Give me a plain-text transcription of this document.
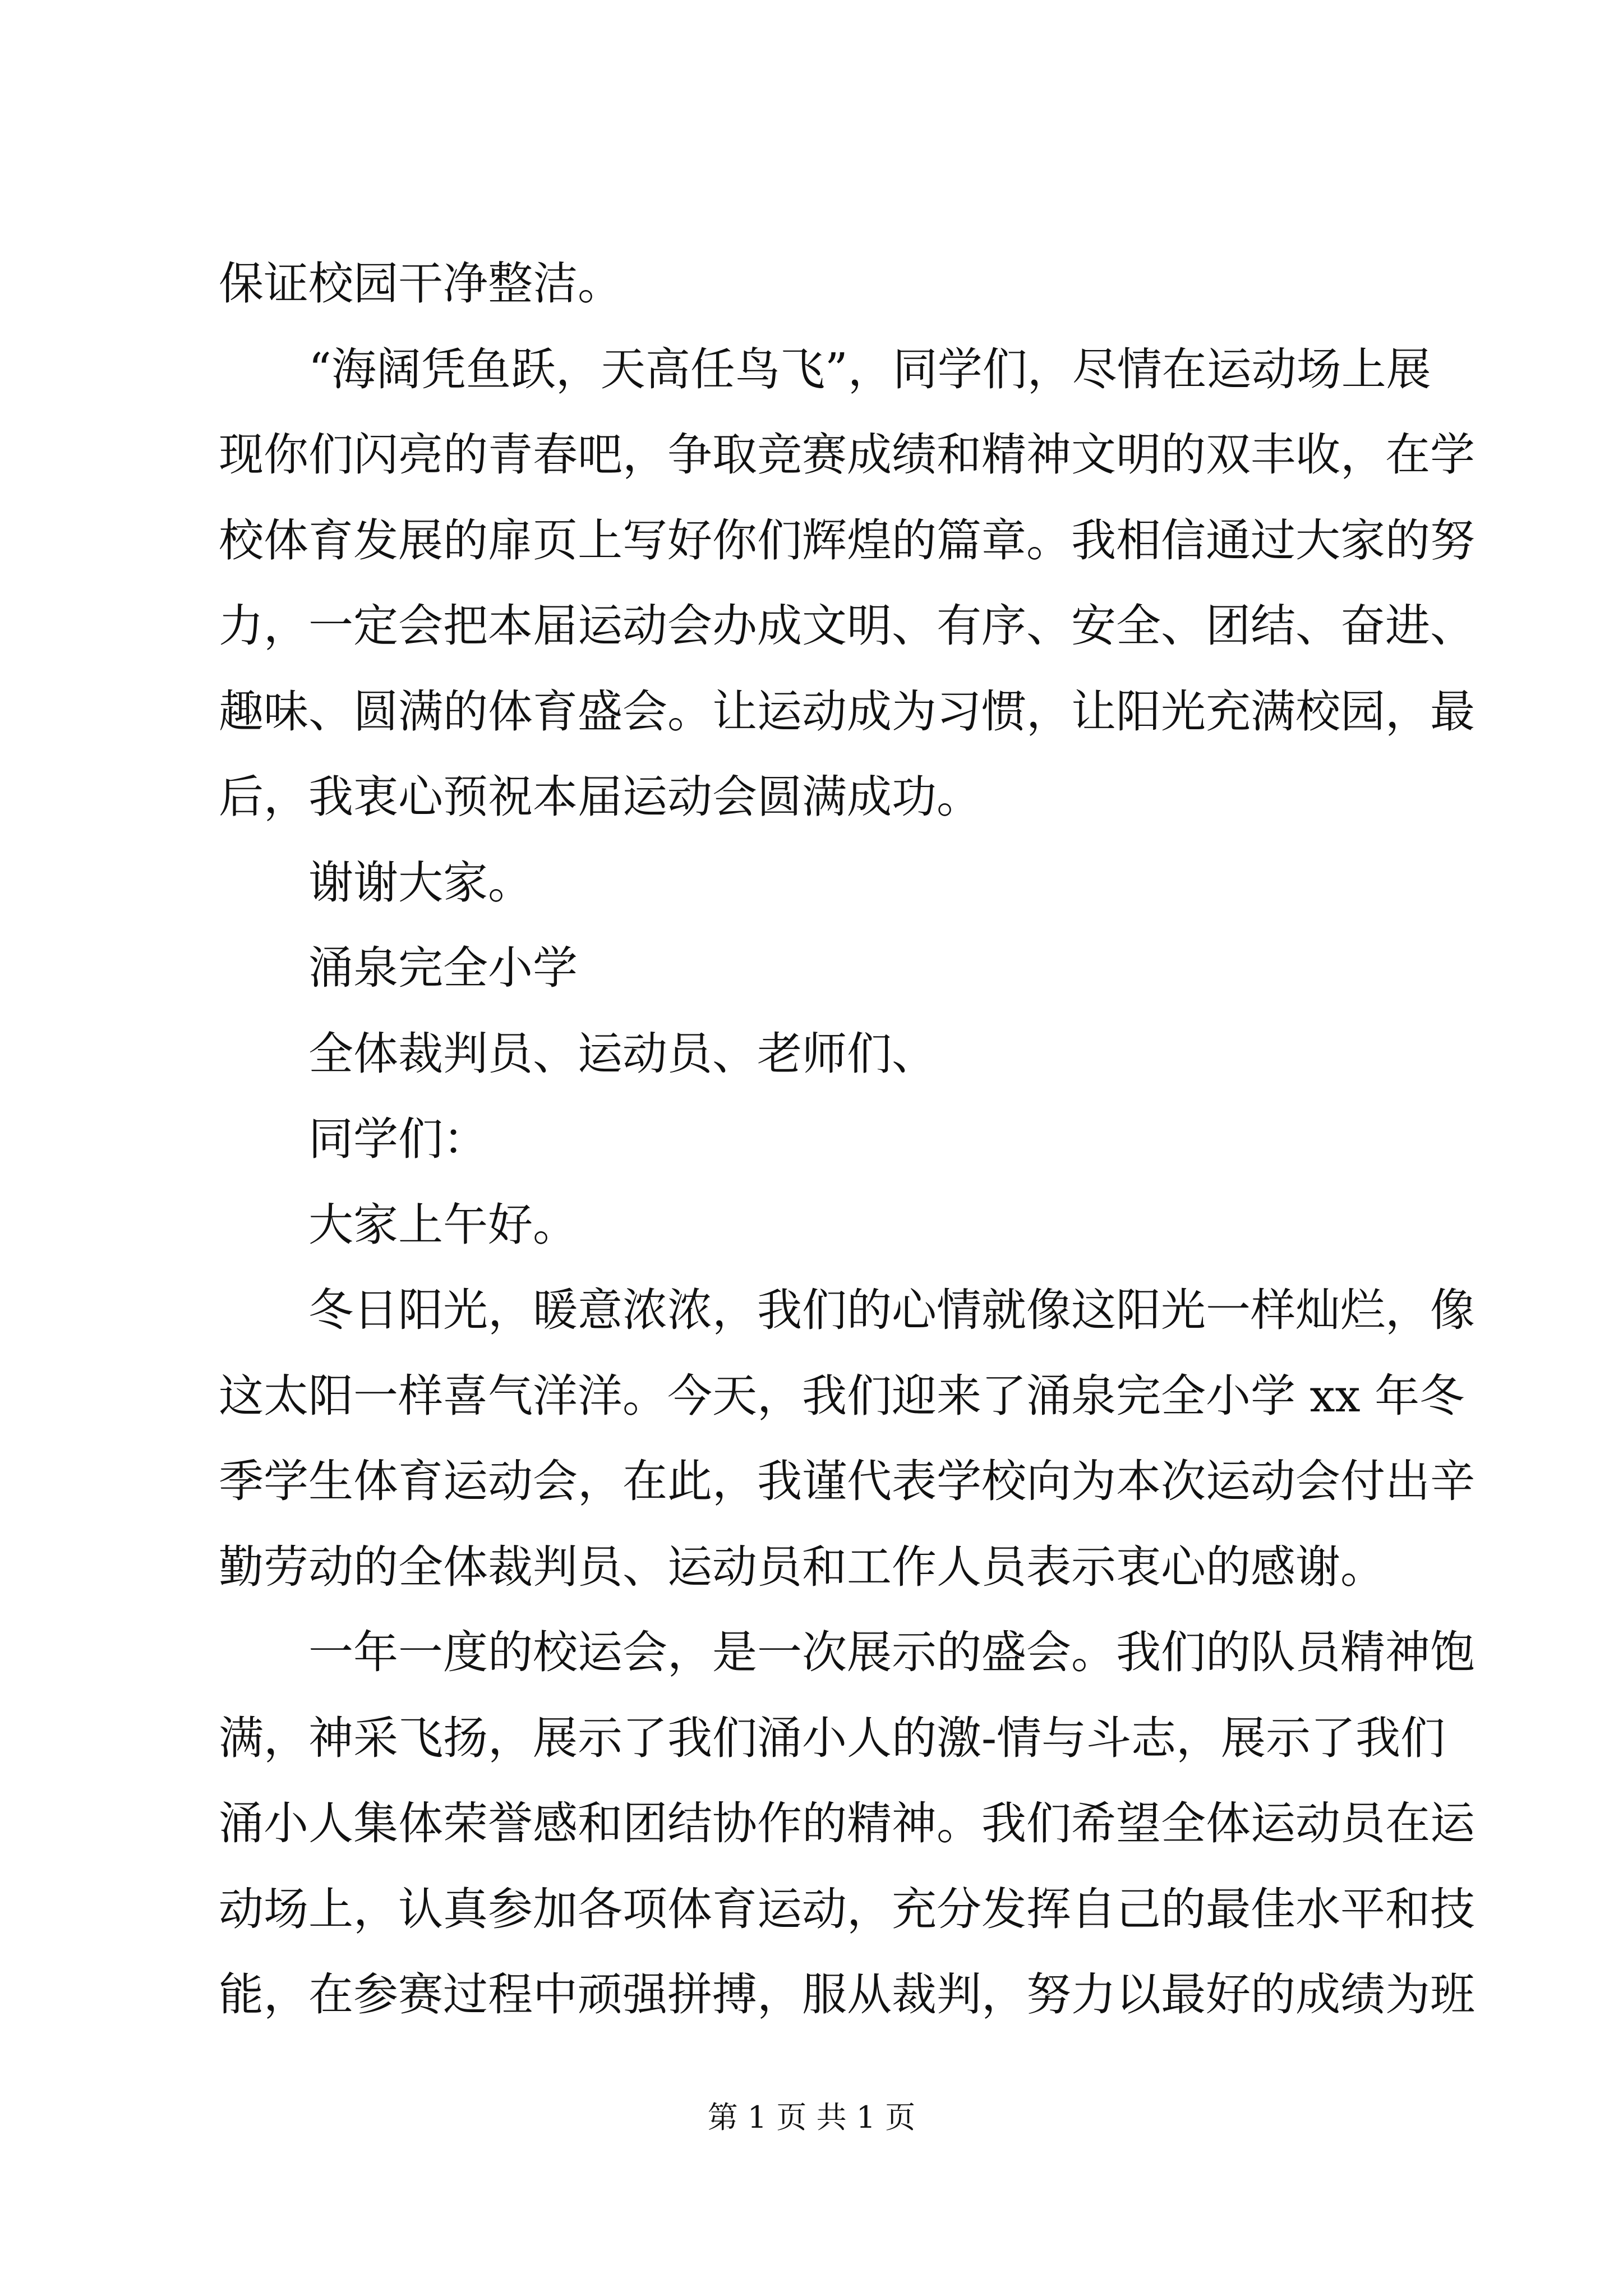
保证校园干净整洁。
“海阔凭鱼跃，天高任鸟飞”，同学们，尽情在运动场上展
现你们闪亮的青春吧，争取竞赛成绩和精神文明的双丰收，在学
校体育发展的扉页上写好你们辉煌的篇章。我相信通过大家的努
力，一定会把本届运动会办成文明、有序、安全、团结、奋进、
趣味、圆满的体育盛会。让运动成为习惯，让阳光充满校园，最
后，我衷心预祝本届运动会圆满成功。
谢谢大家。
涌泉完全小学
全体裁判员、运动员、老师们、
同学们：
大家上午好。
冬日阳光，暖意浓浓，我们的心情就像这阳光一样灿烂，像
这太阳一样喜气洋洋。今天，我们迎来了涌泉完全小学 xx 年冬
季学生体育运动会，在此，我谨代表学校向为本次运动会付出辛
勤劳动的全体裁判员、运动员和工作人员表示衷心的感谢。
一年一度的校运会，是一次展示的盛会。我们的队员精神饱
满，神采飞扬，展示了我们涌小人的激-情与斗志，展示了我们
涌小人集体荣誉感和团结协作的精神。我们希望全体运动员在运
动场上，认真参加各项体育运动，充分发挥自己的最佳水平和技
能，在参赛过程中顽强拼搏，服从裁判，努力以最好的成绩为班
第 1 页 共 1 页
